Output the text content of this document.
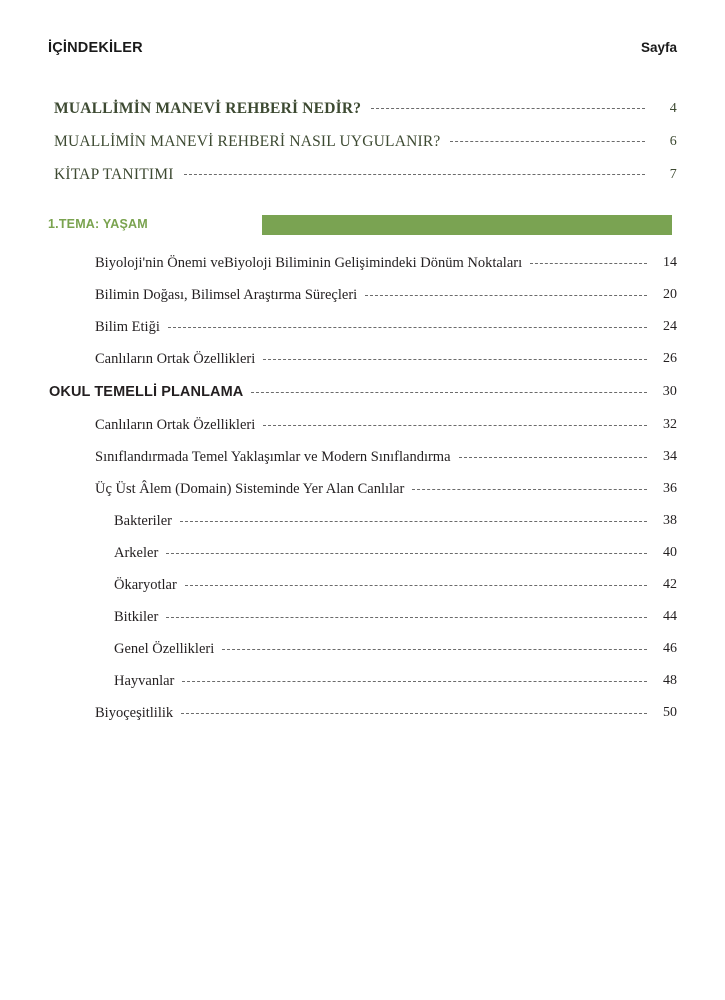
İÇİNDEKİLER	Sayfa
MUALLİMİN MANEVİ REHBERİ NEDİR?	4
MUALLİMİN MANEVİ REHBERİ NASIL UYGULANIR?	6
KİTAP TANITIMI	7
1.TEMA: YAŞAM
Biyoloji'nin Önemi veBiyoloji Biliminin Gelişimindeki Dönüm Noktaları	14
Bilimin Doğası, Bilimsel Araştırma Süreçleri	20
Bilim Etiği	24
Canlıların Ortak Özellikleri	26
OKUL TEMELLİ PLANLAMA	30
Canlıların Ortak Özellikleri	32
Sınıflandırmada Temel Yaklaşımlar ve Modern Sınıflandırma	34
Üç Üst Âlem (Domain) Sisteminde Yer Alan Canlılar	36
Bakteriler	38
Arkeler	40
Ökaryotlar	42
Bitkiler	44
Genel Özellikleri	46
Hayvanlar	48
Biyoçeşitlilik	50
